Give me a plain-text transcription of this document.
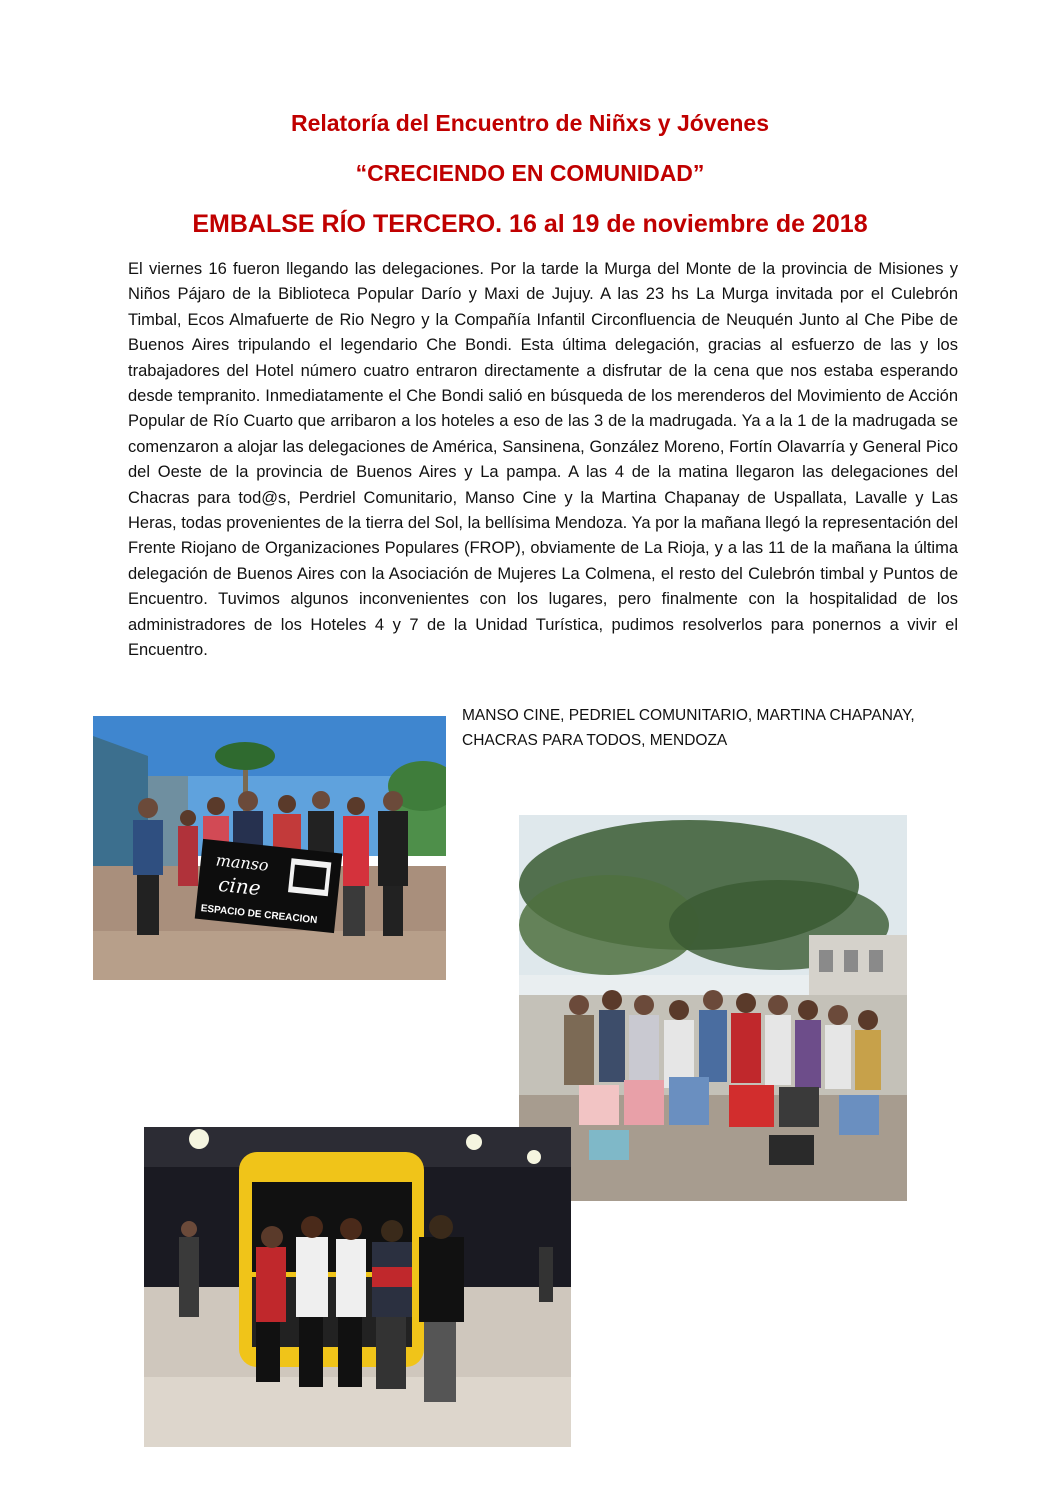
Relatoría del Encuentro de Niñxs y Jóvenes
“CRECIENDO EN COMUNIDAD”
EMBALSE RÍO TERCERO. 16 al 19 de noviembre de 2018

El viernes 16 fueron llegando las delegaciones. Por la tarde la Murga del Monte de la provincia de Misiones y Niños Pájaro de la Biblioteca Popular Darío y Maxi de Jujuy. A las 23 hs La Murga invitada por el Culebrón Timbal, Ecos Almafuerte de Rio Negro y la Compañía Infantil Circonfluencia de Neuquén Junto al Che Pibe de Buenos Aires tripulando el legendario Che Bondi. Esta última delegación, gracias al esfuerzo de las y los trabajadores del Hotel número cuatro entraron directamente a disfrutar de la cena que nos estaba esperando desde tempranito. Inmediatamente el Che Bondi salió en búsqueda de los merenderos del Movimiento de Acción Popular de Río Cuarto que arribaron a los hoteles a eso de las 3 de la madrugada. Ya a la 1 de la madrugada se comenzaron a alojar las delegaciones de América, Sansinena, González Moreno, Fortín Olavarría y General Pico del Oeste de la provincia de Buenos Aires y La pampa. A las 4 de la matina llegaron las delegaciones del Chacras para tod@s, Perdriel Comunitario, Manso Cine y la Martina Chapanay de Uspallata, Lavalle y Las Heras, todas provenientes de la tierra del Sol, la bellísima Mendoza. Ya por la mañana llegó la representación del Frente Riojano de Organizaciones Populares (FROP), obviamente de La Rioja, y a las 11 de la mañana la última delegación de Buenos Aires con la Asociación de Mujeres La Colmena, el resto del Culebrón timbal y Puntos de Encuentro. Tuvimos algunos inconvenientes con los lugares, pero finalmente con la hospitalidad de los administradores de los Hoteles 4 y 7 de la Unidad Turística, pudimos resolverlos para ponernos a vivir el Encuentro.

manso
cine
ESPACIO DE CREACION

MANSO CINE, PEDRIEL COMUNITARIO, MARTINA CHAPANAY,
CHACRAS PARA TODOS, MENDOZA
